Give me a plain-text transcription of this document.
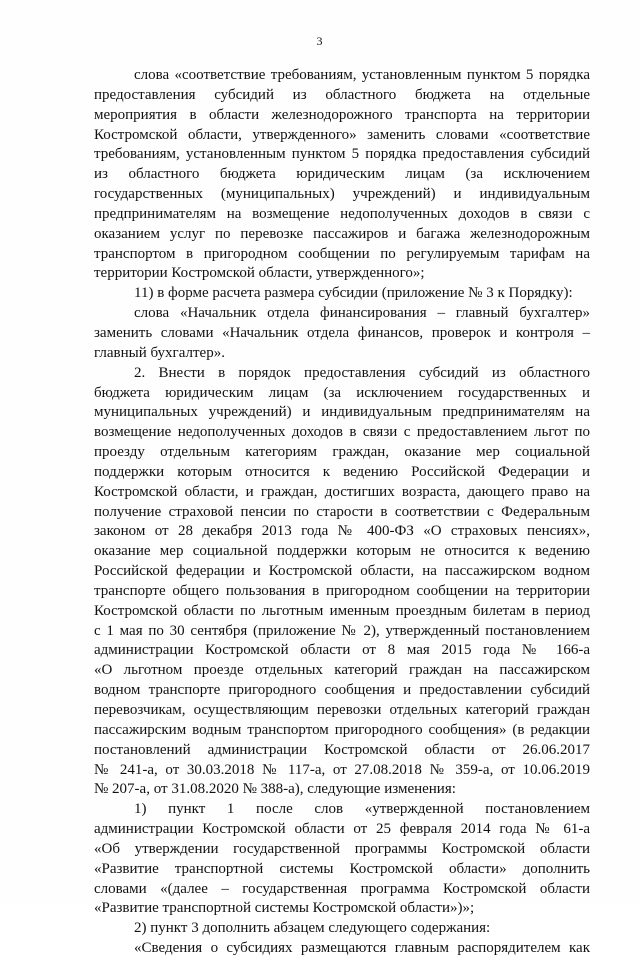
3
слова «соответствие требованиям, установленным пунктом 5 порядка
предоставления субсидий из областного бюджета на отдельные
мероприятия в области железнодорожного транспорта на территории
Костромской области, утвержденного» заменить словами «соответствие
требованиям, установленным пунктом 5 порядка предоставления субсидий
из областного бюджета юридическим лицам (за исключением
государственных (муниципальных) учреждений) и индивидуальным
предпринимателям на возмещение недополученных доходов в связи с
оказанием услуг по перевозке пассажиров и багажа железнодорожным
транспортом в пригородном сообщении по регулируемым тарифам на
территории Костромской области, утвержденного»;
11) в форме расчета размера субсидии (приложение № 3 к Порядку):
слова «Начальник отдела финансирования – главный бухгалтер»
заменить словами «Начальник отдела финансов, проверок и контроля –
главный бухгалтер».
2. Внести в порядок предоставления субсидий из областного
бюджета юридическим лицам (за исключением государственных и
муниципальных учреждений) и индивидуальным предпринимателям на
возмещение недополученных доходов в связи с предоставлением льгот по
проезду отдельным категориям граждан, оказание мер социальной
поддержки которым относится к ведению Российской Федерации и
Костромской области, и граждан, достигших возраста, дающего право на
получение страховой пенсии по старости в соответствии с Федеральным
законом от 28 декабря 2013 года № 400-ФЗ «О страховых пенсиях»,
оказание мер социальной поддержки которым не относится к ведению
Российской федерации и Костромской области, на пассажирском водном
транспорте общего пользования в пригородном сообщении на территории
Костромской области по льготным именным проездным билетам в период
с 1 мая по 30 сентября (приложение № 2), утвержденный постановлением
администрации Костромской области от 8 мая 2015 года № 166-а
«О льготном проезде отдельных категорий граждан на пассажирском
водном транспорте пригородного сообщения и предоставлении субсидий
перевозчикам, осуществляющим перевозки отдельных категорий граждан
пассажирским водным транспортом пригородного сообщения» (в редакции
постановлений администрации Костромской области от 26.06.2017
№ 241-а, от 30.03.2018 № 117-а, от 27.08.2018 № 359-а, от 10.06.2019
№ 207-а, от 31.08.2020 № 388-а), следующие изменения:
1) пункт 1 после слов «утвержденной постановлением
администрации Костромской области от 25 февраля 2014 года № 61-а
«Об утверждении государственной программы Костромской области
«Развитие транспортной системы Костромской области» дополнить
словами «(далее – государственная программа Костромской области
«Развитие транспортной системы Костромской области»)»;
2) пункт 3 дополнить абзацем следующего содержания:
«Сведения о субсидиях размещаются главным распорядителем как
